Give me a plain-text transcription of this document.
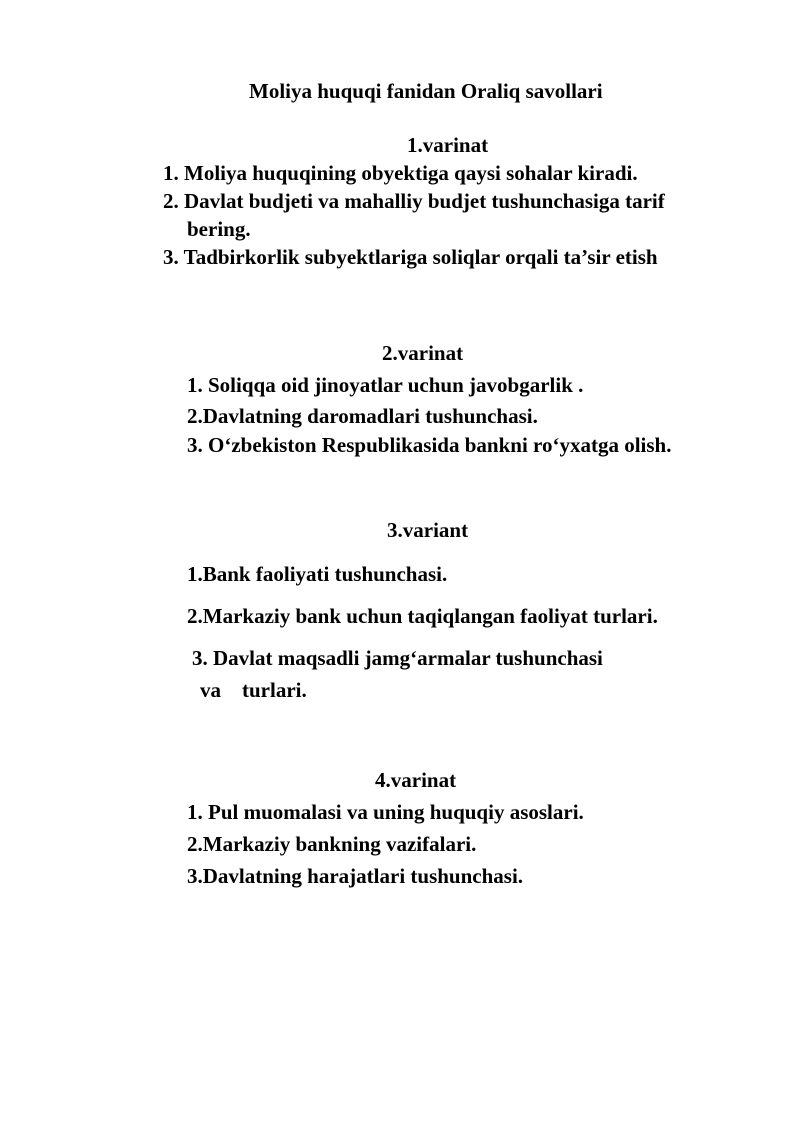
Moliya huquqi fanidan Oraliq savollari
1.varinat
1. Moliya huquqining obyektiga qaysi sohalar kiradi.
2. Davlat budjeti va mahalliy budjet tushunchasiga tarif
bering.
3. Tadbirkorlik subyektlariga soliqlar orqali ta’sir etish
2.varinat
1. Soliqqa oid jinoyatlar uchun javobgarlik .
2.Davlatning daromadlari tushunchasi.
3. O‘zbekiston Respublikasida bankni ro‘yxatga olish.
3.variant
1.Bank faoliyati tushunchasi.
2.Markaziy bank uchun taqiqlangan faoliyat turlari.
3. Davlat maqsadli jamg‘armalar tushunchasi
va    turlari.
4.varinat
1. Pul muomalasi va uning huquqiy asoslari.
2.Markaziy bankning vazifalari.
3.Davlatning harajatlari tushunchasi.
